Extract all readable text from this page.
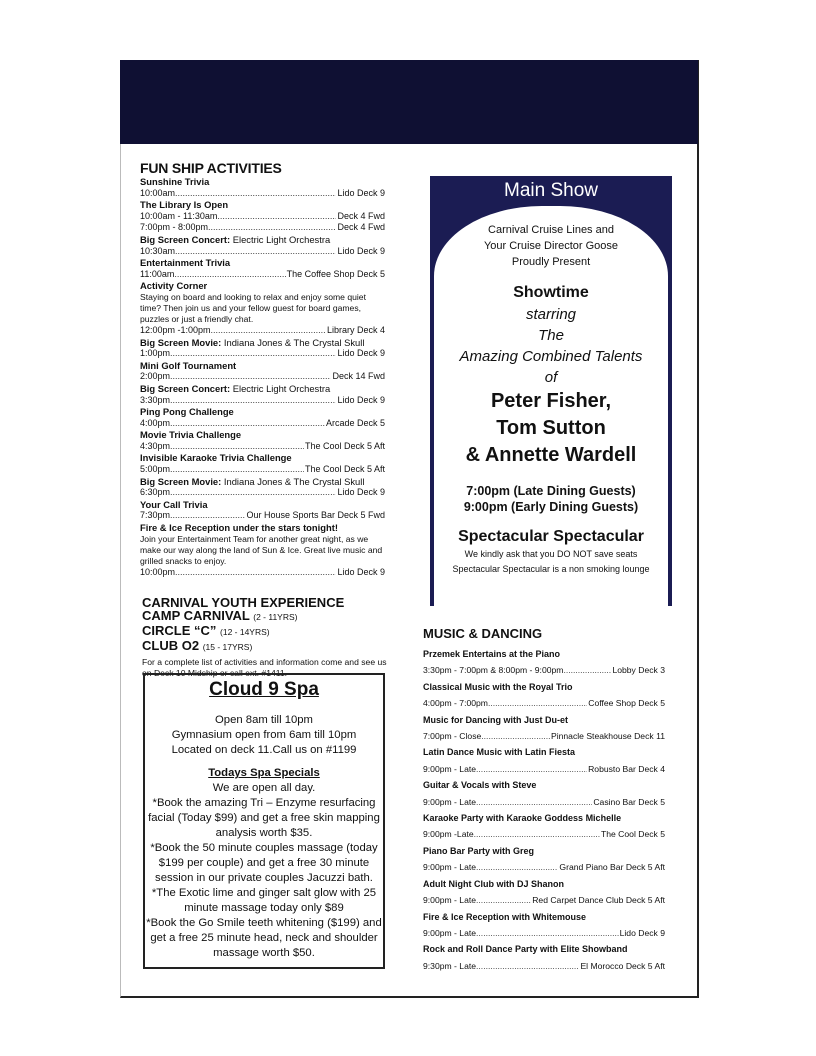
FUN SHIP ACTIVITIES
Sunshine Trivia
10:00am .....	Lido Deck 9
The Library Is Open
10:00am - 11:30am .....	Deck 4 Fwd
7:00pm - 8:00pm .....	Deck 4 Fwd
Big Screen Concert: Electric Light Orchestra
10:30am .....	Lido Deck 9
Entertainment Trivia
11:00am .....	The Coffee Shop Deck 5
Activity Corner
Staying on board and looking to relax and enjoy some quiet time? Then join us and your fellow guest for board games, puzzles or just a friendly chat.
12:00pm -1:00pm .....	Library Deck 4
Big Screen Movie: Indiana Jones & The Crystal Skull
1:00pm .....	Lido Deck 9
Mini Golf Tournament
2:00pm .....	Deck 14 Fwd
Big Screen Concert: Electric Light Orchestra
3:30pm .....	Lido Deck 9
Ping Pong Challenge
4:00pm .....	Arcade Deck 5
Movie Trivia Challenge
4:30pm .....	The Cool Deck 5 Aft
Invisible Karaoke Trivia Challenge
5:00pm .....	The Cool Deck 5 Aft
Big Screen Movie: Indiana Jones & The Crystal Skull
6:30pm .....	Lido Deck 9
Your Call Trivia
7:30pm .....	Our House Sports Bar Deck 5 Fwd
Fire & Ice Reception under the stars tonight!
Join your Entertainment Team for another great night, as we make our way along the land of Sun & Ice. Great live music and grilled snacks to enjoy.
10:00pm .....	Lido Deck 9
CARNIVAL YOUTH EXPERIENCE
CAMP CARNIVAL (2 - 11YRS)
CIRCLE “C” (12 - 14YRS)
CLUB O2 (15 - 17YRS)
For a complete list of activities and information come and see us on Deck 10 Midship or call ext. #1411.
Cloud 9 Spa
Open 8am till 10pm
Gymnasium open from 6am till 10pm
Located on deck 11.Call us on #1199
Todays Spa Specials
We are open all day.
*Book the amazing Tri – Enzyme resurfacing facial (Today $99) and get a free skin mapping analysis worth $35.
*Book the 50 minute couples massage (today $199 per couple) and get a free 30 minute session in our private couples Jacuzzi bath.
*The Exotic lime and ginger salt glow with 25 minute massage today only $89
*Book the Go Smile teeth whitening ($199) and get a free 25 minute head, neck and shoulder massage worth $50.
Main Show
Carnival Cruise Lines and
Your Cruise Director Goose
Proudly Present
Showtime
starring
The
Amazing Combined Talents
of
Peter Fisher,
Tom Sutton
& Annette Wardell
7:00pm (Late Dining Guests)
9:00pm (Early Dining Guests)
Spectacular Spectacular
We kindly ask that you DO NOT save seats
Spectacular Spectacular is a non smoking lounge
MUSIC & DANCING
Przemek Entertains at the Piano
3:30pm - 7:00pm & 8:00pm - 9:00pm .....	Lobby Deck 3
Classical Music with the Royal Trio
4:00pm - 7:00pm .....	Coffee Shop Deck 5
Music for Dancing with Just Du-et
7:00pm - Close .....	Pinnacle Steakhouse Deck 11
Latin Dance Music with Latin Fiesta
9:00pm - Late .....	Robusto Bar Deck 4
Guitar & Vocals with Steve
9:00pm - Late .....	Casino Bar Deck 5
Karaoke Party with Karaoke Goddess Michelle
9:00pm -Late .....	The Cool Deck 5
Piano Bar Party with Greg
9:00pm - Late .....	Grand Piano Bar Deck 5 Aft
Adult Night Club with DJ Shanon
9:00pm - Late .....	Red Carpet Dance Club Deck 5 Aft
Fire & Ice Reception with Whitemouse
9:00pm - Late .....	Lido Deck 9
Rock and Roll Dance Party with Elite Showband
9:30pm - Late .....	El Morocco Deck 5 Aft
